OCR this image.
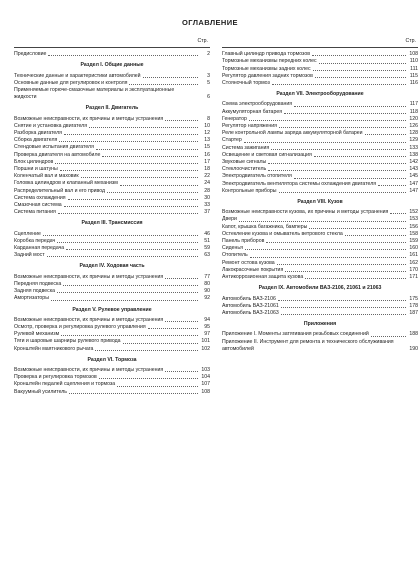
ОГЛАВЛЕНИЕ
Стр.
Предисловие	2
Раздел I. Общие данные
Технические данные и характеристики автомобилей	3
Основные данные для регулировок и контроля	5
Применяемые горюче-смазочные материалы и эксплуатационные жидкости	6
Раздел II. Двигатель
Возможные неисправности, их причины и методы устранения	8
Снятие и установка двигателя	10
Разборка двигателя	12
Сборка двигателя	13
Стендовые испытания двигателя	15
Проверка двигателя на автомобиле	16
Блок цилиндров	17
Поршни и шатуны	18
Коленчатый вал и маховик	22
Головка цилиндров и клапанный механизм	24
Распределительный вал и его привод	28
Система охлаждения	30
Смазочная система	33
Система питания	37
Раздел III. Трансмиссия
Сцепление	46
Коробка передач	51
Карданная передача	59
Задний мост	63
Раздел IV. Ходовая часть
Возможные неисправности, их причины и методы устранения	77
Передняя подвеска	80
Задняя подвеска	90
Амортизаторы	92
Раздел V. Рулевое управление
Возможные неисправности, их причины и методы устранения	94
Осмотр, проверка и регулировка рулевого управления	95
Рулевой механизм	97
Тяги и шаровые шарниры рулевого привода	101
Кронштейн маятникового рычага	102
Раздел VI. Тормоза
Возможные неисправности, их причины и методы устранения	103
Проверка и регулировка тормозов	104
Кронштейн педалей сцепления и тормоза	107
Вакуумный усилитель	108
Стр.
Главный цилиндр привода тормозов	108
Тормозные механизмы передних колес	110
Тормозные механизмы задних колес	111
Регулятор давления задних тормозов	115
Стояночный тормоз	116
Раздел VII. Электрооборудование
Схема электрооборудования	117
Аккумуляторная батарея	118
Генератор	120
Регулятор напряжения	126
Реле контрольной лампы заряда аккумуляторной батареи	128
Стартер	129
Система зажигания	133
Освещение и световая сигнализация	138
Звуковые сигналы	142
Стеклоочиститель	143
Электродвигатель отопителя	145
Электродвигатель вентилятора системы охлаждения двигателя	147
Контрольные приборы	147
Раздел VIII. Кузов
Возможные неисправности кузова, их причины и методы устранения	152
Двери	153
Капот, крышка багажника, бамперы	156
Остекление кузова и омыватель ветрового стекла	158
Панель приборов	159
Сиденья	160
Отопитель	161
Ремонт остова кузова	162
Лакокрасочные покрытия	170
Антикоррозионная защита кузова	171
Раздел IX. Автомобили ВАЗ-2106, 21061 и 21063
Автомобиль ВАЗ-2106	175
Автомобиль ВАЗ-21061	178
Автомобиль ВАЗ-21063	187
Приложения
Приложение I. Моменты затягивания резьбовых соединений	188
Приложение II. Инструмент для ремонта и технического обслуживания автомобилей	190
